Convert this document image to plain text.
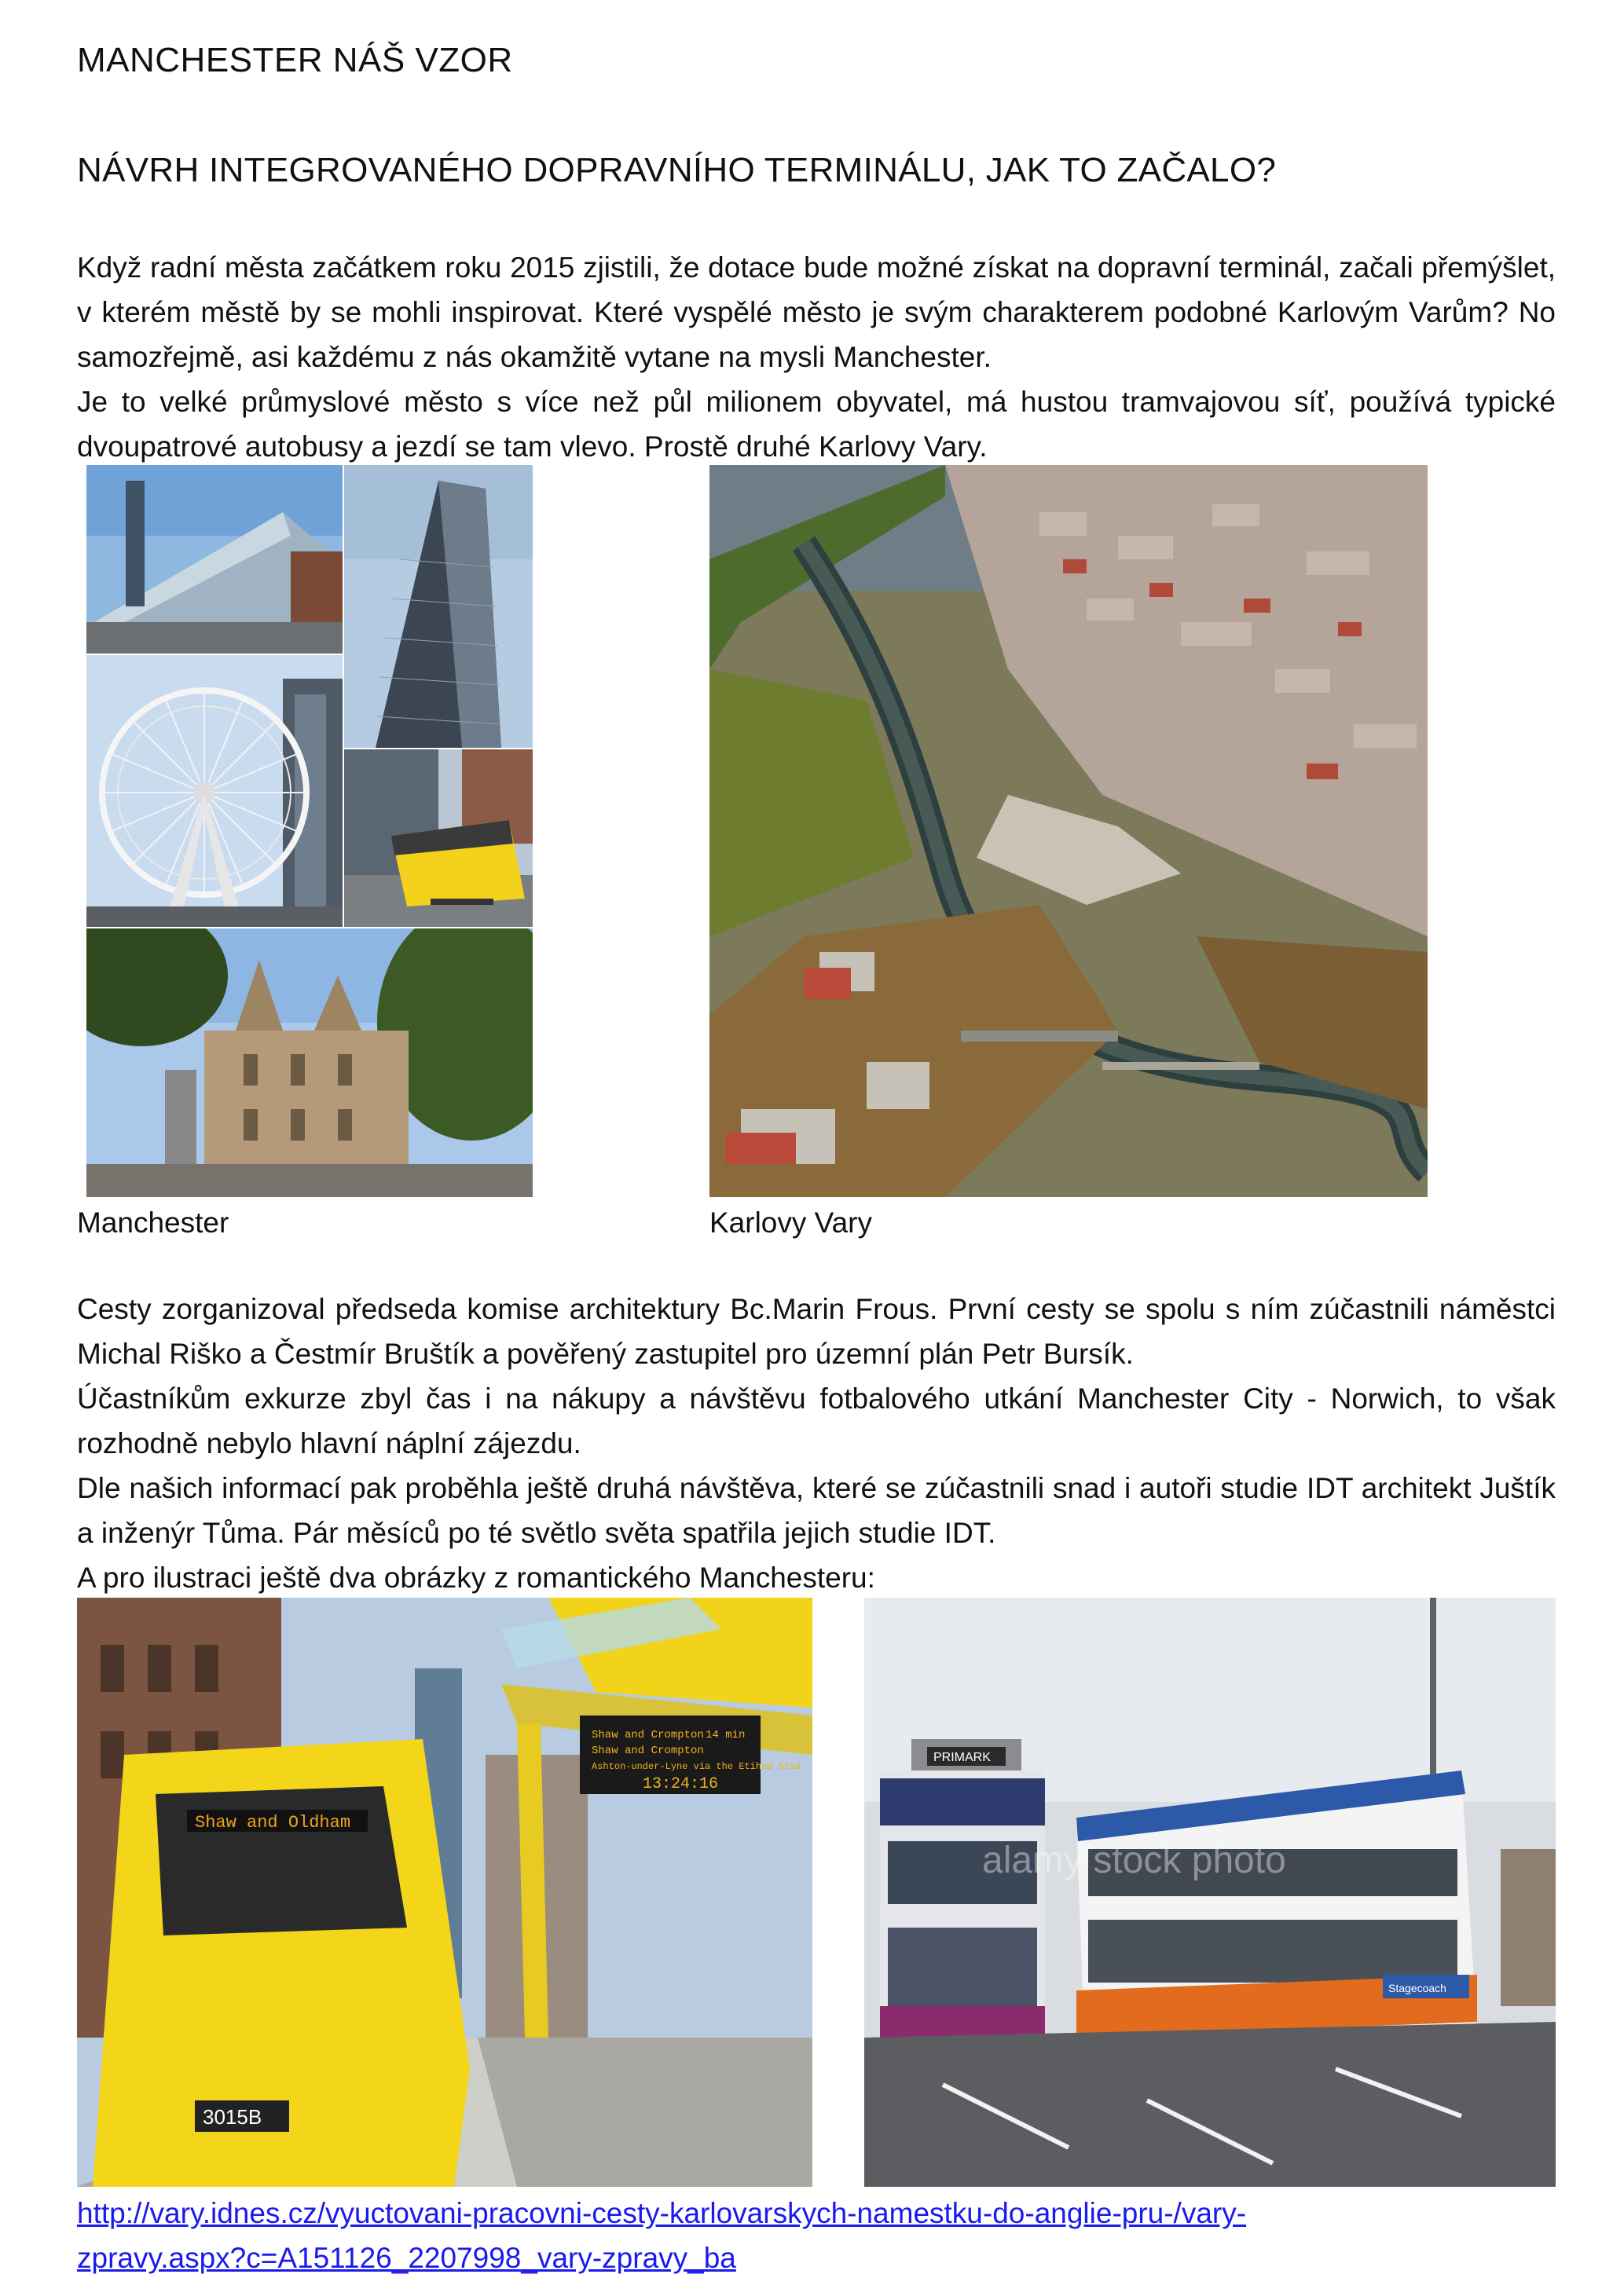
MANCHESTER NÁŠ VZOR
NÁVRH INTEGROVANÉHO DOPRAVNÍHO TERMINÁLU, JAK TO ZAČALO?

Když radní města začátkem roku 2015 zjistili, že dotace bude možné získat na dopravní terminál, začali přemýšlet, v kterém městě by se mohli inspirovat. Které vyspělé město je svým charakterem podobné Karlovým Varům? No samozřejmě, asi každému z nás okamžitě vytane na mysli Manchester.

Je to velké průmyslové město s více než půl milionem obyvatel, má hustou tramvajovou síť, používá typické dvoupatrové autobusy a jezdí se tam vlevo. Prostě druhé Karlovy Vary.

Manchester	Karlovy Vary

Cesty zorganizoval předseda komise architektury Bc.Marin Frous. První cesty se spolu s ním zúčastnili náměstci Michal Riško a Čestmír Bruštík a pověřený zastupitel pro územní plán Petr Bursík.

Účastníkům exkurze zbyl čas i na nákupy a návštěvu fotbalového utkání Manchester City - Norwich, to však rozhodně nebylo hlavní náplní zájezdu.

Dle našich informací pak proběhla ještě druhá návštěva, které se zúčastnili snad i autoři studie IDT architekt Juštík a inženýr Tůma. Pár měsíců po té světlo světa spatřila jejich studie IDT.

A pro ilustraci ještě dva obrázky z romantického Manchesteru:

Shaw and Crompton 14 min
Shaw and Crompton
Ashton-under-Lyne via the Etihad Stad
13:24:16
Shaw and Oldham
3015B
PRIMARK
Stagecoach
alamy stock photo
http://vary.idnes.cz/vyuctovani-pracovni-cesty-karlovarskych-namestku-do-anglie-pru-/vary-
zpravy.aspx?c=A151126_2207998_vary-zpravy_ba
